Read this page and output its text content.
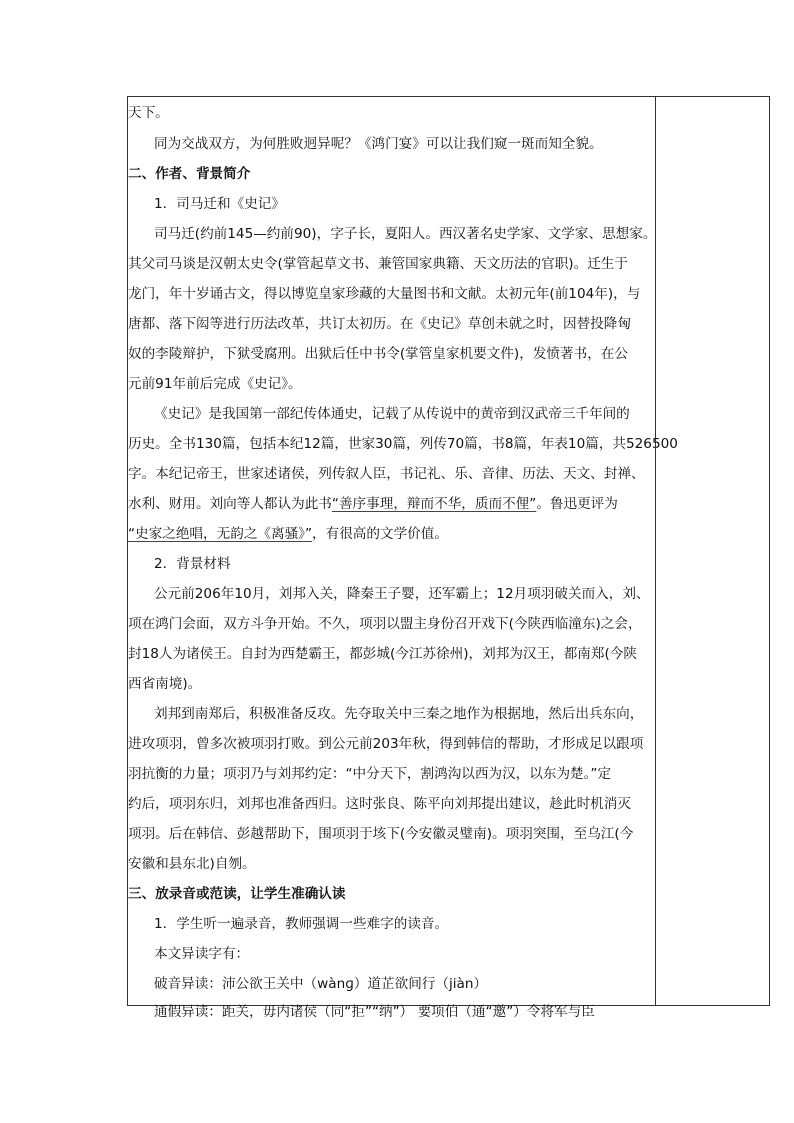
天下。
同为交战双方，为何胜败迥异呢？《鸿门宴》可以让我们窥一斑而知全貌。
二、作者、背景简介
1．司马迁和《史记》
司马迁(约前145—约前90)，字子长，夏阳人。西汉著名史学家、文学家、思想家。
其父司马谈是汉朝太史令(掌管起草文书、兼管国家典籍、天文历法的官职)。迁生于
龙门，年十岁诵古文，得以博览皇家珍藏的大量图书和文献。太初元年(前104年)，与
唐都、落下闳等进行历法改革，共订太初历。在《史记》草创未就之时，因替投降匈
奴的李陵辩护，下狱受腐刑。出狱后任中书令(掌管皇家机要文件)，发愤著书，在公
元前91年前后完成《史记》。
《史记》是我国第一部纪传体通史，记载了从传说中的黄帝到汉武帝三千年间的
历史。全书130篇，包括本纪12篇，世家30篇，列传70篇，书8篇，年表10篇，共526500
字。本纪记帝王，世家述诸侯，列传叙人臣，书记礼、乐、音律、历法、天文、封禅、
水利、财用。刘向等人都认为此书“善序事理，辩而不华，质而不俚”。鲁迅更评为
“史家之绝唱，无韵之《离骚》”，有很高的文学价值。
2．背景材料
公元前206年10月，刘邦入关，降秦王子婴，还军霸上；12月项羽破关而入，刘、
项在鸿门会面，双方斗争开始。不久，项羽以盟主身份召开戏下(今陕西临潼东)之会，
封18人为诸侯王。自封为西楚霸王，都彭城(今江苏徐州)，刘邦为汉王，都南郑(今陕
西省南境)。
刘邦到南郑后，积极准备反攻。先夺取关中三秦之地作为根据地，然后出兵东向，
进攻项羽，曾多次被项羽打败。到公元前203年秋，得到韩信的帮助，才形成足以跟项
羽抗衡的力量；项羽乃与刘邦约定：“中分天下，割鸿沟以西为汉，以东为楚。”定
约后，项羽东归，刘邦也准备西归。这时张良、陈平向刘邦提出建议，趁此时机消灭
项羽。后在韩信、彭越帮助下，围项羽于垓下(今安徽灵璧南)。项羽突围，至乌江(今
安徽和县东北)自刎。
三、放录音或范读，让学生准确认读
1．学生听一遍录音，教师强调一些难字的读音。
本文异读字有：
破音异读：沛公欲王关中（wànɡ）道芷欲间行（jiàn）
通假异读：距关，毋内诸侯（同“拒”“纳”） 要项伯（通“邀”）令将军与臣
